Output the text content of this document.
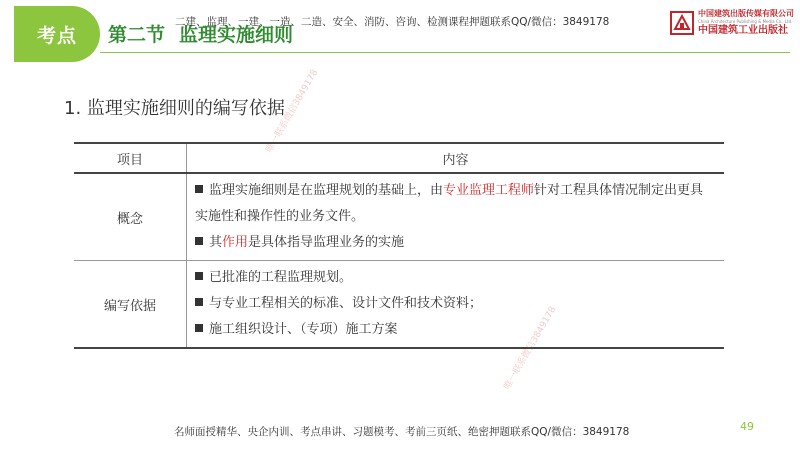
考点 第二节 监理实施细则
二建、监理、一建、一造、二造、安全、消防、咨询、检测课程押题联系QQ/微信：3849178
中国建筑出版传媒有限公司
China Architecture Publishing & Media Co., Ltd.
中国建筑工业出版社
1. 监理实施细则的编写依据
项目	内容
概念	监理实施细则是在监理规划的基础上，由专业监理工程师针对工程具体情况制定出更具实施性和操作性的业务文件。
其作用是具体指导监理业务的实施

编写依据	已批准的工程监理规划。
与专业工程相关的标准、设计文件和技术资料；
施工组织设计、（专项）施工方案
唯一联系微信3849178
唯一联系微信3849178
名师面授精华、央企内训、考点串讲、习题模考、考前三页纸、绝密押题联系QQ/微信：3849178	49
